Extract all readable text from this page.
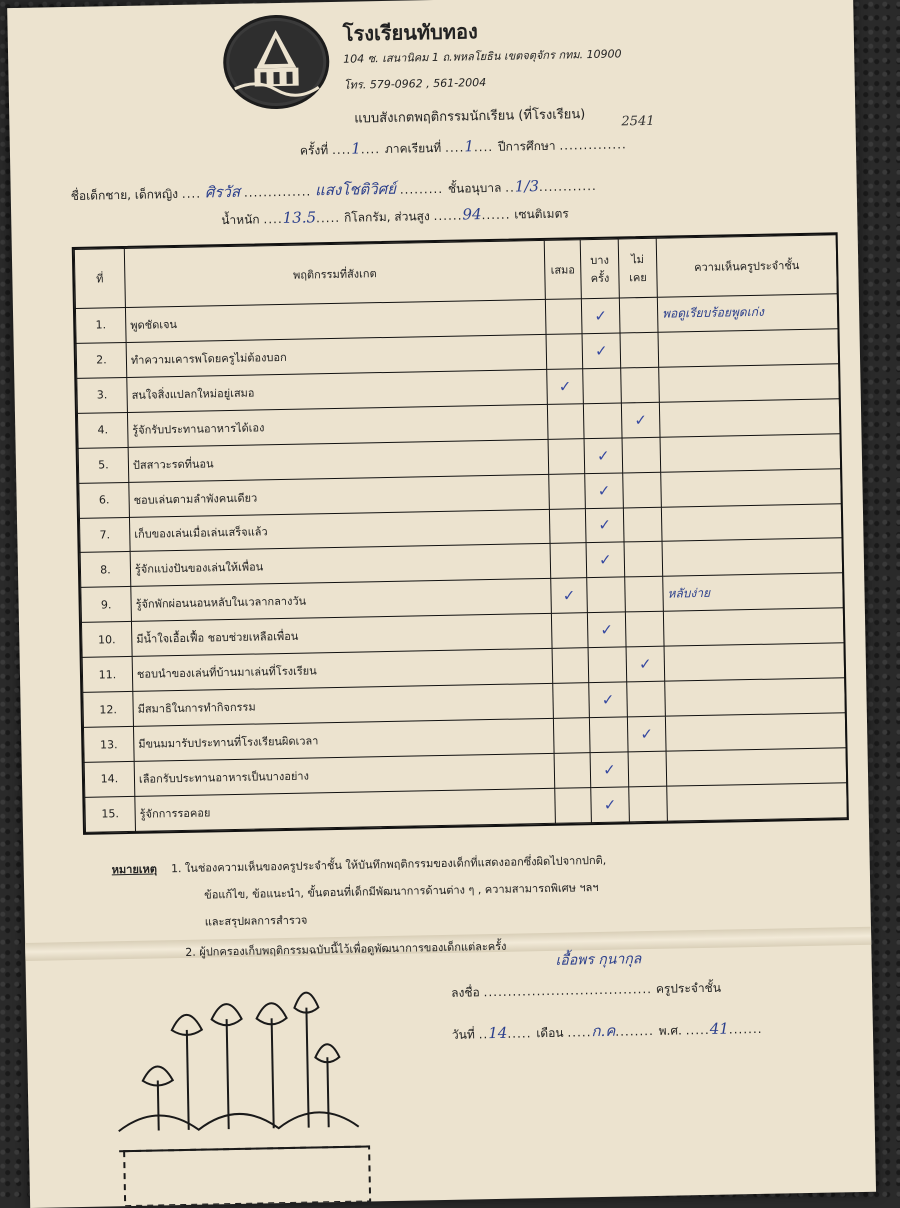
โรงเรียนทับทอง
104 ซ. เสนานิคม 1 ถ.พหลโยธิน เขตจตุจักร กทม. 10900
โทร. 579-0962 , 561-2004
แบบสังเกตพฤติกรรมนักเรียน (ที่โรงเรียน)	2541
ครั้งที่ ....1.... ภาคเรียนที่ ....1.... ปีการศึกษา ..............
ชื่อเด็กชาย, เด็กหญิง .... ศิรวัส .............. แสงโชติวิศย์ ......... ชั้นอนุบาล ..1/3............
น้ำหนัก ....13.5..... กิโลกรัม, ส่วนสูง ......94...... เซนติเมตร
ที่	พฤติกรรมที่สังเกต	เสมอ	บางครั้ง	ไม่เคย	ความเห็นครูประจำชั้น
1.	พูดชัดเจน		✓		พอดูเรียบร้อยพูดเก่ง
2.	ทำความเคารพโดยครูไม่ต้องบอก		✓		
3.	สนใจสิ่งแปลกใหม่อยู่เสมอ	✓			
4.	รู้จักรับประทานอาหารได้เอง			✓	
5.	ปัสสาวะรดที่นอน		✓		
6.	ชอบเล่นตามลำพังคนเดียว		✓		
7.	เก็บของเล่นเมื่อเล่นเสร็จแล้ว		✓		
8.	รู้จักแบ่งปันของเล่นให้เพื่อน		✓		
9.	รู้จักพักผ่อนนอนหลับในเวลากลางวัน	✓			หลับง่าย
10.	มีน้ำใจเอื้อเฟื้อ ชอบช่วยเหลือเพื่อน		✓		
11.	ชอบนำของเล่นที่บ้านมาเล่นที่โรงเรียน			✓	
12.	มีสมาธิในการทำกิจกรรม		✓		
13.	มีขนมมารับประทานที่โรงเรียนผิดเวลา			✓	
14.	เลือกรับประทานอาหารเป็นบางอย่าง		✓		
15.	รู้จักการรอคอย		✓		
หมายเหตุ 1. ในช่องความเห็นของครูประจำชั้น ให้บันทึกพฤติกรรมของเด็กที่แสดงออกซึ่งผิดไปจากปกติ,
ข้อแก้ไข, ข้อแนะนำ, ขั้นตอนที่เด็กมีพัฒนาการด้านต่าง ๆ , ความสามารถพิเศษ ฯลฯ
และสรุปผลการสำรวจ
2. ผู้ปกครองเก็บพฤติกรรมฉบับนี้ไว้เพื่อดูพัฒนาการของเด็กแต่ละครั้ง
เอื้อพร กุนากุล
ลงชื่อ ................................... ครูประจำชั้น
วันที่ ..14..... เดือน .....ก.ค........ พ.ศ. .....41.......
